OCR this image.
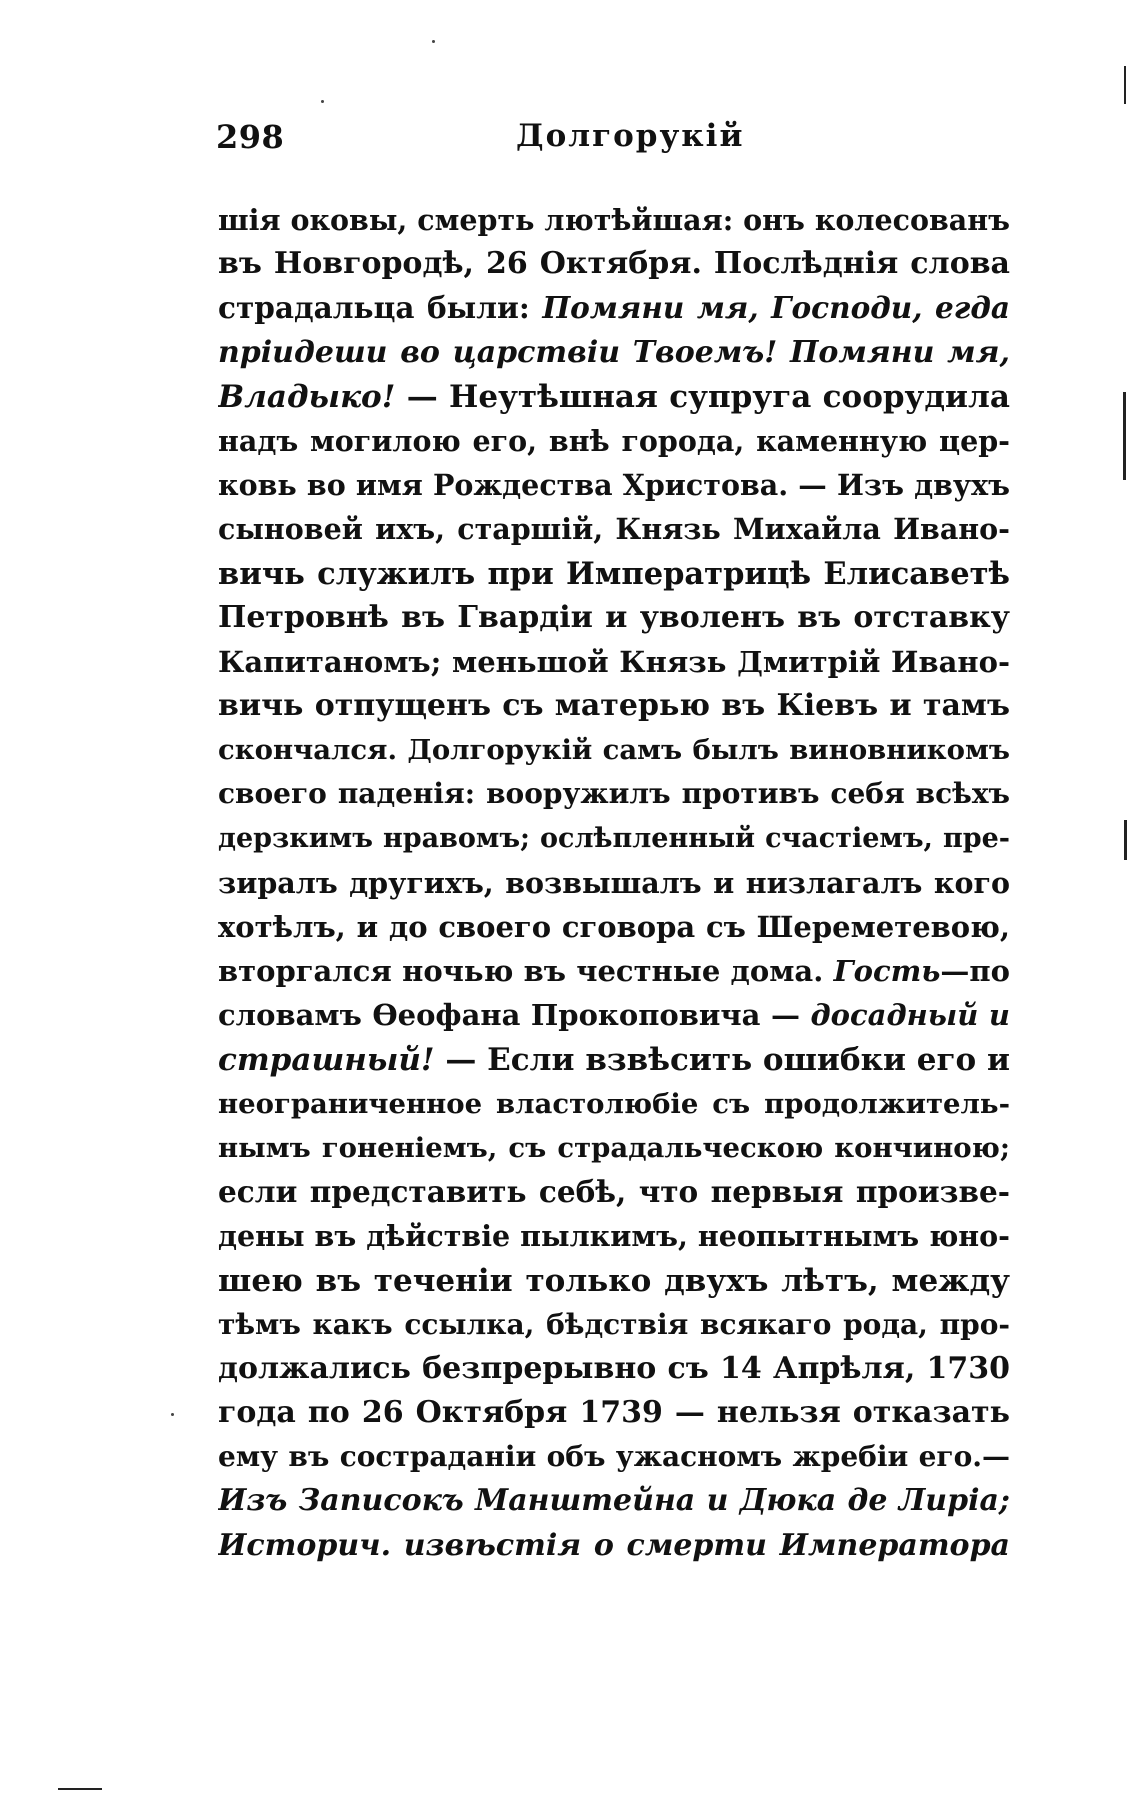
298	Долгорукій
шія оковы, смерть лютѣйшая: онъ колесованъ
въ Новгородѣ, 26 Октября. Послѣднія слова
страдальца были: Помяни мя, Господи, егда
пріидеши во царствіи Твоемъ! Помяни мя,
Владыко! — Неутѣшная супруга соорудила
надъ могилою его, внѣ города, каменную цер-
ковь во имя Рождества Христова. — Изъ двухъ
сыновей ихъ, старшій, Князь Михайла Ивано-
вичь служилъ при Императрицѣ Елисаветѣ
Петровнѣ въ Гвардіи и уволенъ въ отставку
Капитаномъ; меньшой Князь Дмитрій Ивано-
вичь отпущенъ съ матерью въ Кіевъ и тамъ
скончался. Долгорукій самъ былъ виновникомъ
своего паденія: вооружилъ противъ себя всѣхъ
дерзкимъ нравомъ; ослѣпленный счастіемъ, пре-
зиралъ другихъ, возвышалъ и низлагалъ кого
хотѣлъ, и до своего сговора съ Шереметевою,
вторгался ночью въ честные дома. Гость—по
словамъ Ѳеофана Прокоповича — досадный и
страшный! — Если взвѣсить ошибки его и
неограниченное властолюбіе съ продолжитель-
нымъ гоненіемъ, съ страдальческою кончиною;
если представить себѣ, что первыя произве-
дены въ дѣйствіе пылкимъ, неопытнымъ юно-
шею въ теченіи только двухъ лѣтъ, между
тѣмъ какъ ссылка, бѣдствія всякаго рода, про-
должались безпрерывно съ 14 Апрѣля, 1730
года по 26 Октября 1739 — нельзя отказать
ему въ состраданіи объ ужасномъ жребіи его.—
Изъ Записокъ Манштейна и Дюка де Лиріа;
Историч. извѣстія о смерти Императора
